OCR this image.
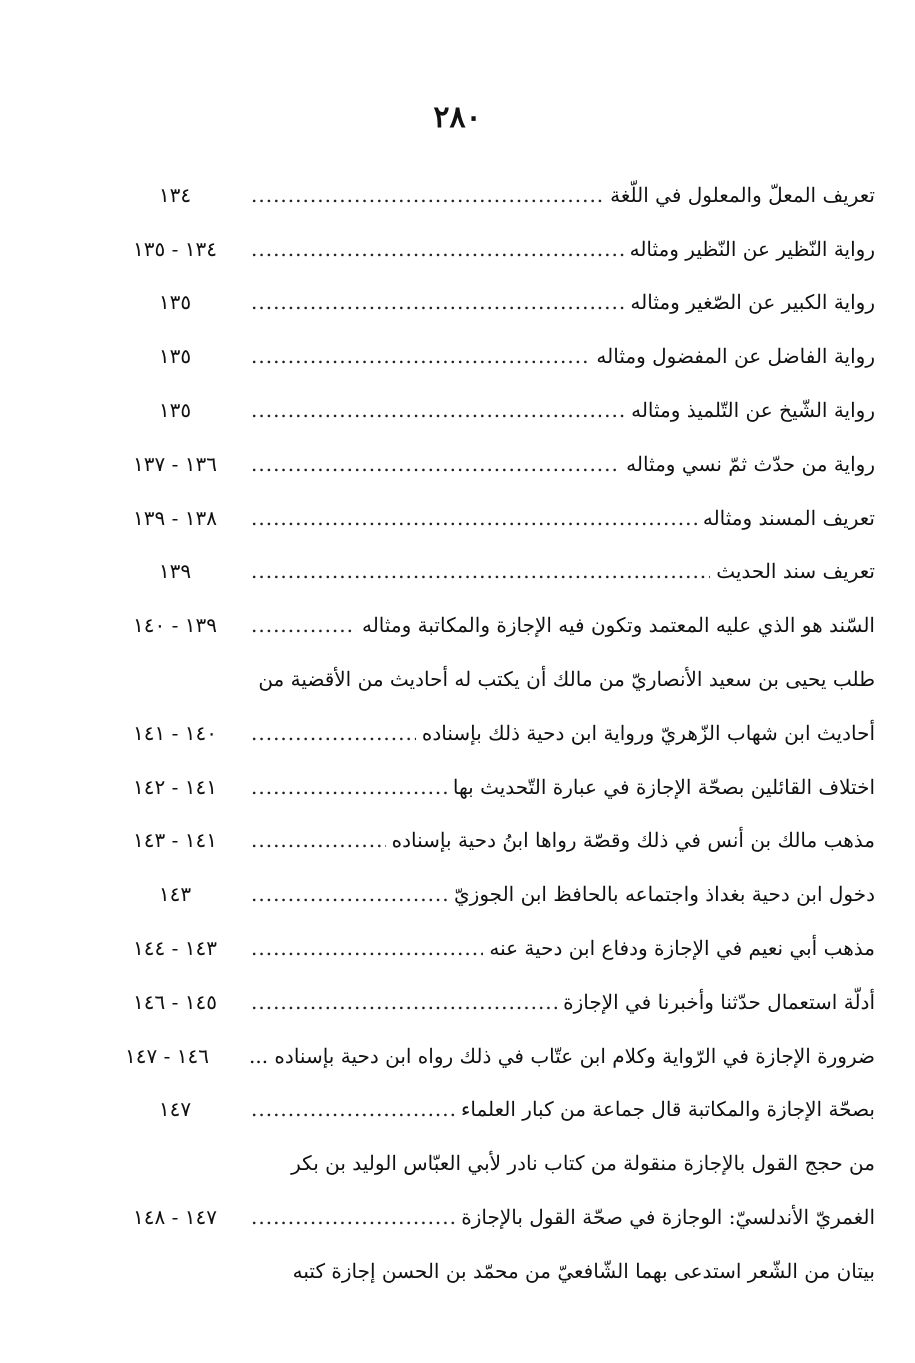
٢٨٠
تعريف المعلّ والمعلول في اللّغة
.....
١٣٤
رواية النّظير عن النّظير ومثاله
.....
١٣٤ - ١٣٥
رواية الكبير عن الصّغير ومثاله
.....
١٣٥
رواية الفاضل عن المفضول ومثاله
.....
١٣٥
رواية الشّيخ عن التّلميذ ومثاله
.....
١٣٥
رواية من حدّث ثمّ نسي ومثاله
.....
١٣٦ - ١٣٧
تعريف المسند ومثاله
.....
١٣٨ - ١٣٩
تعريف سند الحديث
.....
١٣٩
السّند هو الذي عليه المعتمد وتكون فيه الإجازة والمكاتبة ومثاله
.....
١٣٩ - ١٤٠
طلب يحيى بن سعيد الأنصاريّ من مالك أن يكتب له أحاديث من الأقضية من
أحاديث ابن شهاب الزّهريّ ورواية ابن دحية ذلك بإسناده
.....
١٤٠ - ١٤١
اختلاف القائلين بصحّة الإجازة في عبارة التّحديث بها
.....
١٤١ - ١٤٢
مذهب مالك بن أنس في ذلك وقصّة رواها ابنُ دحية بإسناده
.....
١٤١ - ١٤٣
دخول ابن دحية بغداذ واجتماعه بالحافظ ابن الجوزيّ
.....
١٤٣
مذهب أبي نعيم في الإجازة ودفاع ابن دحية عنه
.....
١٤٣ - ١٤٤
أدلّة استعمال حدّثنا وأخبرنا في الإجازة
.....
١٤٥ - ١٤٦
ضرورة الإجازة في الرّواية وكلام ابن عتّاب في ذلك رواه ابن دحية بإسناده ...
١٤٦ - ١٤٧
بصحّة الإجازة والمكاتبة قال جماعة من كبار العلماء
.....
١٤٧
من حجج القول بالإجازة منقولة من كتاب نادر لأبي العبّاس الوليد بن بكر
الغمريّ الأندلسيّ: الوجازة في صحّة القول بالإجازة
.....
١٤٧ - ١٤٨
بيتان من الشّعر استدعى بهما الشّافعيّ من محمّد بن الحسن إجازة كتبه
